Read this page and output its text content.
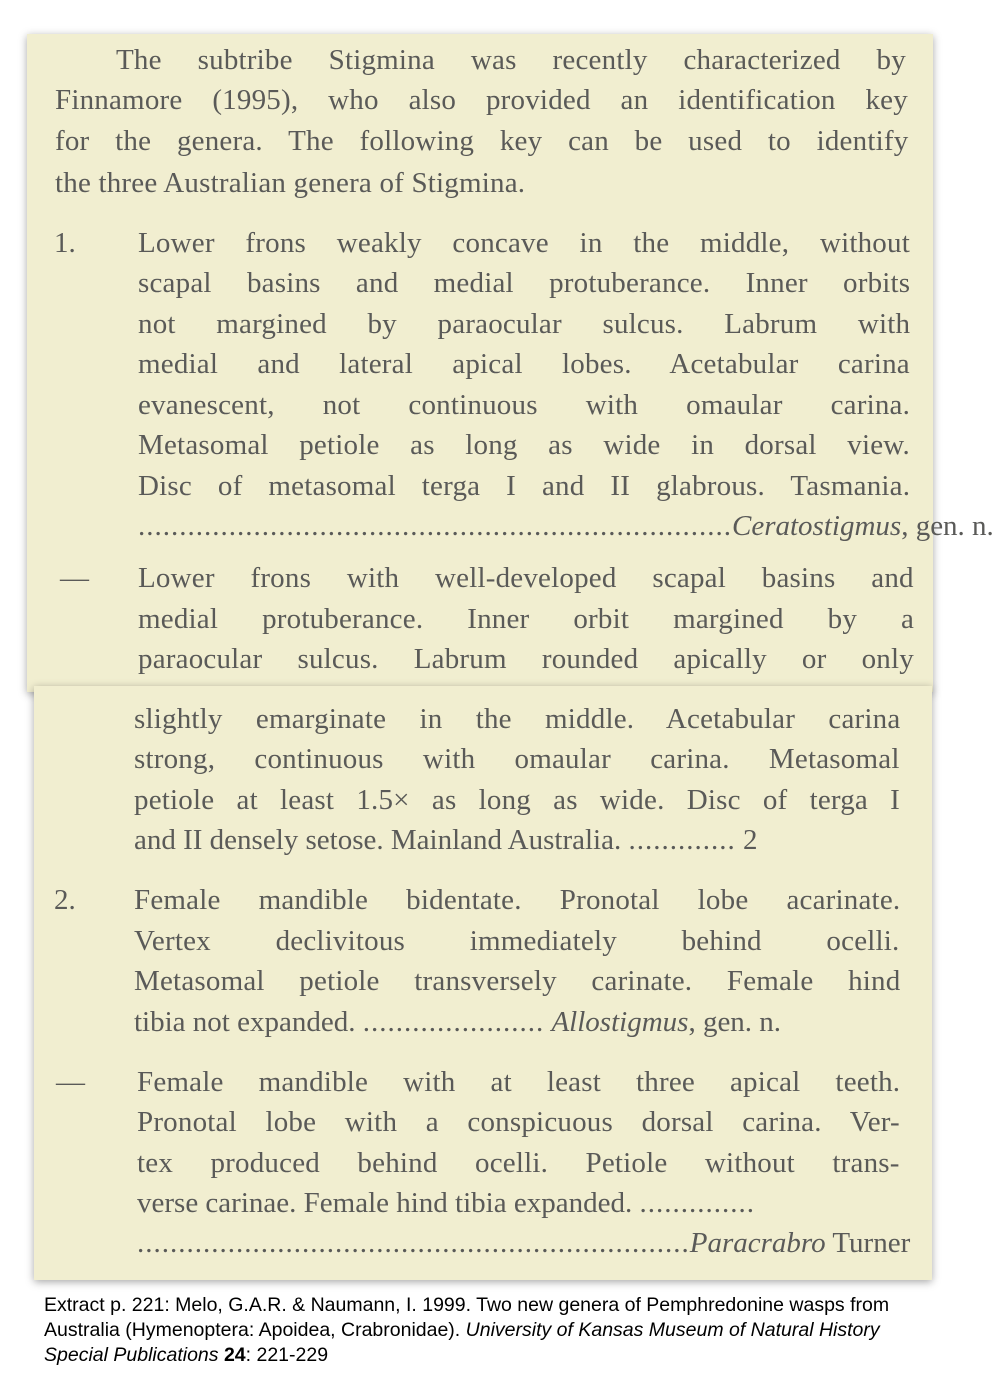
The subtribe Stigmina was recently characterized by
Finnamore (1995), who also provided an identification key
for the genera. The following key can be used to identify
the three Australian genera of Stigmina.
1. Lower frons weakly concave in the middle, without
scapal basins and medial protuberance. Inner orbits
not margined by paraocular sulcus. Labrum with
medial and lateral apical lobes. Acetabular carina
evanescent, not continuous with omaular carina.
Metasomal petiole as long as wide in dorsal view.
Disc of metasomal terga I and II glabrous. Tasmania.
........................................................................Ceratostigmus, gen. n.
— Lower frons with well-developed scapal basins and
medial protuberance. Inner orbit margined by a
paraocular sulcus. Labrum rounded apically or only
slightly emarginate in the middle. Acetabular carina
strong, continuous with omaular carina. Metasomal
petiole at least 1.5× as long as wide. Disc of terga I
and II densely setose. Mainland Australia. ............. 2
2. Female mandible bidentate. Pronotal lobe acarinate.
Vertex declivitous immediately behind ocelli.
Metasomal petiole transversely carinate. Female hind
tibia not expanded. ...................... Allostigmus, gen. n.
— Female mandible with at least three apical teeth.
Pronotal lobe with a conspicuous dorsal carina. Ver-
tex produced behind ocelli. Petiole without trans-
verse carinae. Female hind tibia expanded. ..............
...................................................................Paracrabro Turner
Extract p. 221: Melo, G.A.R. & Naumann, I. 1999. Two new genera of Pemphredonine wasps from Australia (Hymenoptera: Apoidea, Crabronidae). University of Kansas Museum of Natural History Special Publications 24: 221-229
